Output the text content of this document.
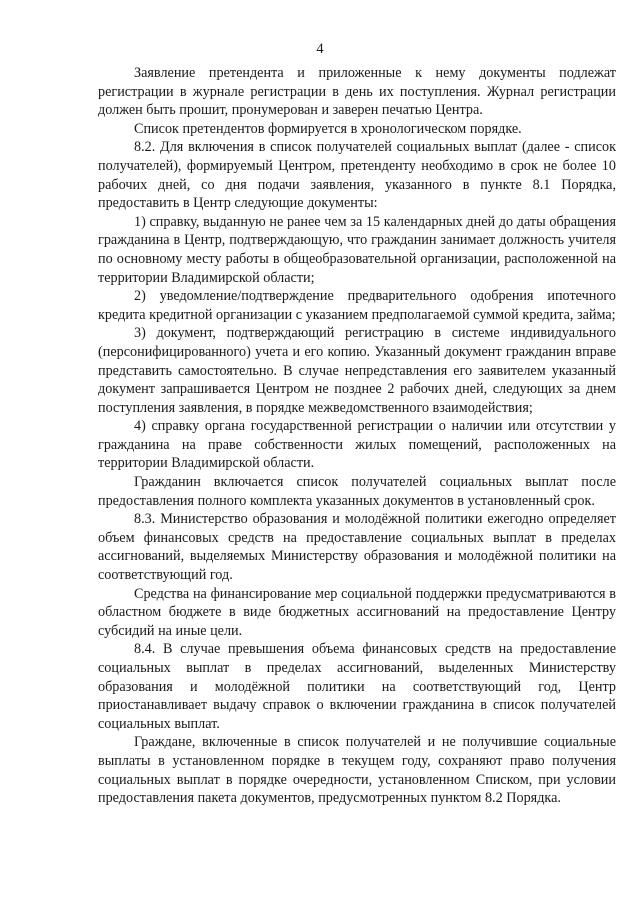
4

Заявление претендента и приложенные к нему документы подлежат регистрации в журнале регистрации в день их поступления. Журнал регистрации должен быть прошит, пронумерован и заверен печатью Центра.

Список претендентов формируется в хронологическом порядке.

8.2. Для включения в список получателей социальных выплат (далее - список получателей), формируемый Центром, претенденту необходимо в срок не более 10 рабочих дней, со дня подачи заявления, указанного в пункте 8.1 Порядка, предоставить в Центр следующие документы:

1) справку, выданную не ранее чем за 15 календарных дней до даты обращения гражданина в Центр, подтверждающую, что гражданин занимает должность учителя по основному месту работы в общеобразовательной организации, расположенной на территории Владимирской области;

2) уведомление/подтверждение предварительного одобрения ипотечного кредита кредитной организации с указанием предполагаемой суммой кредита, займа;

3) документ, подтверждающий регистрацию в системе индивидуального (персонифицированного) учета и его копию. Указанный документ гражданин вправе представить самостоятельно. В случае непредставления его заявителем указанный документ запрашивается Центром не позднее 2 рабочих дней, следующих за днем поступления заявления, в порядке межведомственного взаимодействия;

4) справку органа государственной регистрации о наличии или отсутствии у гражданина на праве собственности жилых помещений, расположенных на территории Владимирской области.

Гражданин включается список получателей социальных выплат после предоставления полного комплекта указанных документов в установленный срок.

8.3. Министерство образования и молодёжной политики ежегодно определяет объем финансовых средств на предоставление социальных выплат в пределах ассигнований, выделяемых Министерству образования и молодёжной политики на соответствующий год.

Средства на финансирование мер социальной поддержки предусматриваются в областном бюджете в виде бюджетных ассигнований на предоставление Центру субсидий на иные цели.

8.4. В случае превышения объема финансовых средств на предоставление социальных выплат в пределах ассигнований, выделенных Министерству образования и молодёжной политики на соответствующий год, Центр приостанавливает выдачу справок о включении гражданина в список получателей социальных выплат.

Граждане, включенные в список получателей и не получившие социальные выплаты в установленном порядке в текущем году, сохраняют право получения социальных выплат в порядке очередности, установленном Списком, при условии предоставления пакета документов, предусмотренных пунктом 8.2 Порядка.
